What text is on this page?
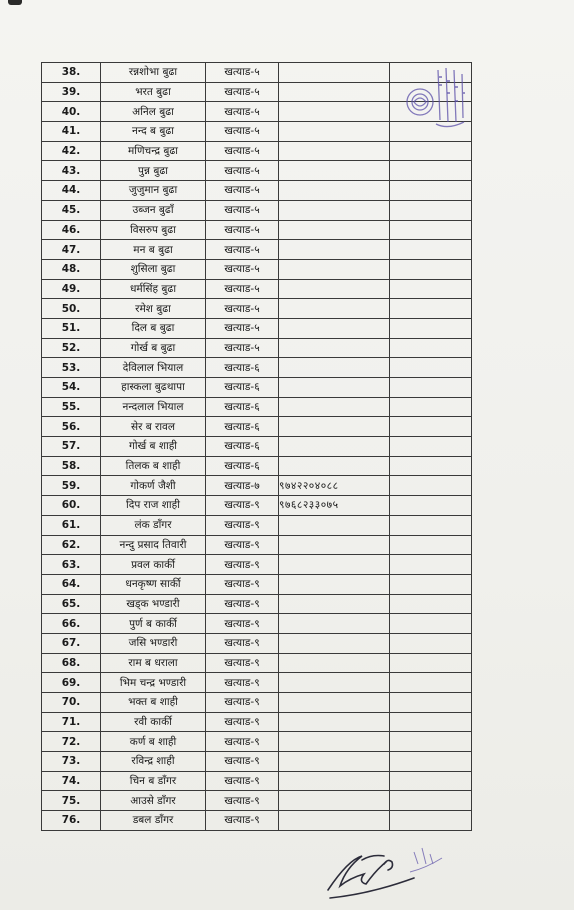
38.	रन्नशोभा बुढा	खत्याड-५		
39.	भरत बुढा	खत्याड-५		
40.	अनिल बुढा	खत्याड-५		
41.	नन्द ब बुढा	खत्याड-५		
42.	मणिचन्द्र बुढा	खत्याड-५		
43.	पुन्न बुढा	खत्याड-५		
44.	जुजुमान बुढा	खत्याड-५		
45.	उब्जन बुढाँ	खत्याड-५		
46.	विसरुप बुढा	खत्याड-५		
47.	मन ब बुढा	खत्याड-५		
48.	शुसिला बुढा	खत्याड-५		
49.	धर्मसिंह बुढा	खत्याड-५		
50.	रमेश बुढा	खत्याड-५		
51.	दिल ब बुढा	खत्याड-५		
52.	गोर्ख ब बुढा	खत्याड-५		
53.	देविलाल भियाल	खत्याड-६		
54.	हास्कला बुढथापा	खत्याड-६		
55.	नन्दलाल भियाल	खत्याड-६		
56.	सेर ब रावल	खत्याड-६		
57.	गोर्ख ब शाही	खत्याड-६		
58.	तिलक ब शाही	खत्याड-६		
59.	गोकर्ण जैशी	खत्याड-७	९७४२२०४०८८	
60.	दिप राज शाही	खत्याड-९	९७६८२३३०७५	
61.	लंक डाँगर	खत्याड-९		
62.	नन्दु प्रसाद तिवारी	खत्याड-९		
63.	प्रवल कार्की	खत्याड-९		
64.	धनकृष्ण सार्की	खत्याड-९		
65.	खड्क भण्डारी	खत्याड-९		
66.	पुर्ण ब कार्की	खत्याड-९		
67.	जसि भण्डारी	खत्याड-९		
68.	राम ब धराला	खत्याड-९		
69.	भिम चन्द्र भण्डारी	खत्याड-९		
70.	भक्त ब शाही	खत्याड-९		
71.	रवी कार्की	खत्याड-९		
72.	कर्ण ब शाही	खत्याड-९		
73.	रविन्द्र शाही	खत्याड-९		
74.	चिन ब डाँगर	खत्याड-९		
75.	आउसे डाँगर	खत्याड-९		
76.	डबल डाँगर	खत्याड-९		
